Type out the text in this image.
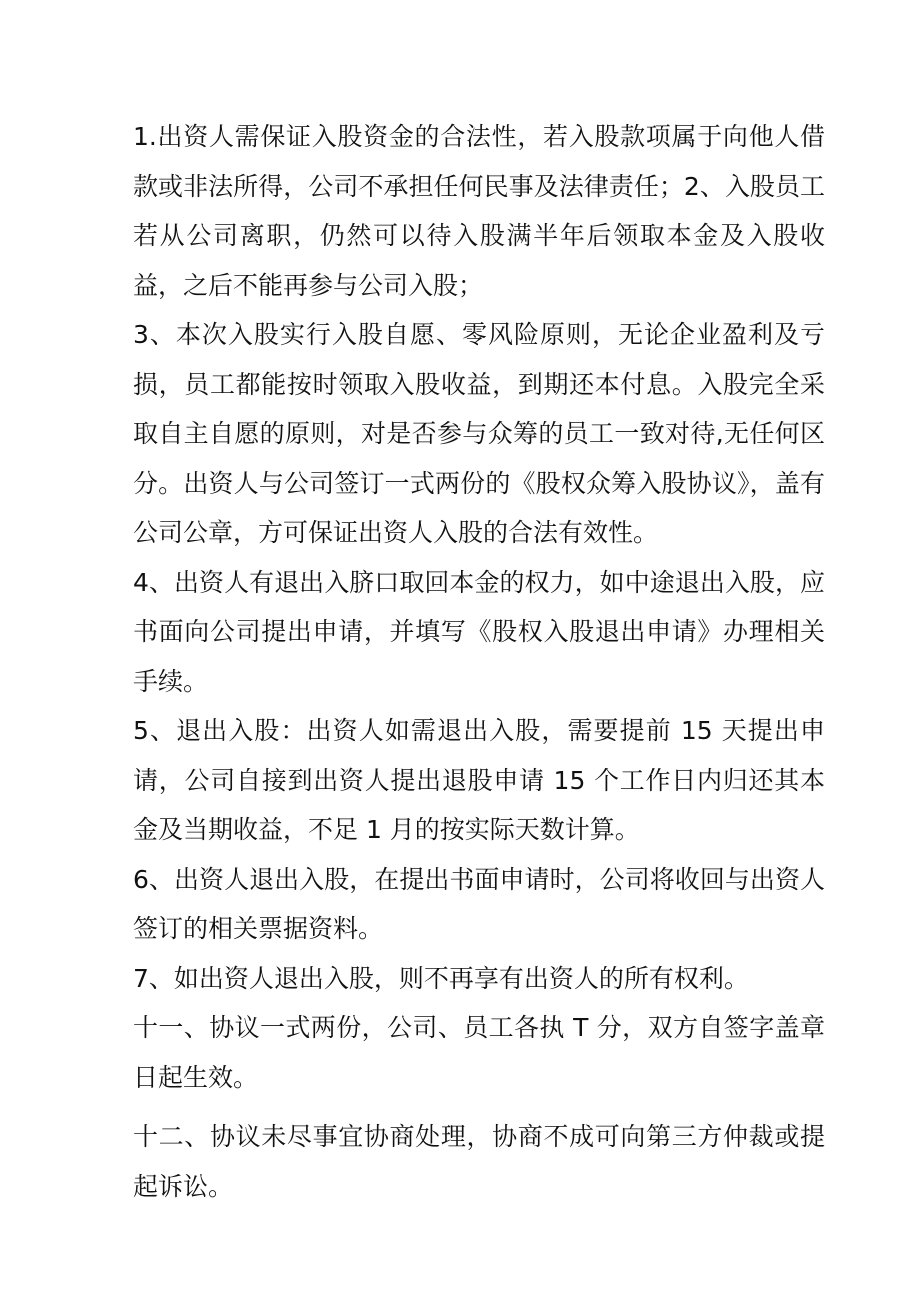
1.出资人需保证入股资金的合法性，若入股款项属于向他人借款或非法所得，公司不承担任何民事及法律责任；2、入股员工若从公司离职，仍然可以待入股满半年后领取本金及入股收益，之后不能再参与公司入股；

3、本次入股实行入股自愿、零风险原则，无论企业盈利及亏损，员工都能按时领取入股收益，到期还本付息。入股完全采取自主自愿的原则，对是否参与众筹的员工一致对待,无任何区分。出资人与公司签订一式两份的《股权众筹入股协议》，盖有公司公章，方可保证出资人入股的合法有效性。

4、出资人有退出入脐口取回本金的权力，如中途退出入股，应书面向公司提出申请，并填写《股权入股退出申请》办理相关手续。

5、退出入股：出资人如需退出入股，需要提前 15 天提出申请，公司自接到出资人提出退股申请 15 个工作日内归还其本金及当期收益，不足 1 月的按实际天数计算。

6、出资人退出入股，在提出书面申请时，公司将收回与出资人签订的相关票据资料。

7、如出资人退出入股，则不再享有出资人的所有权利。

十一、协议一式两份，公司、员工各执 T 分，双方自签字盖章日起生效。

十二、协议未尽事宜协商处理，协商不成可向第三方仲裁或提起诉讼。
